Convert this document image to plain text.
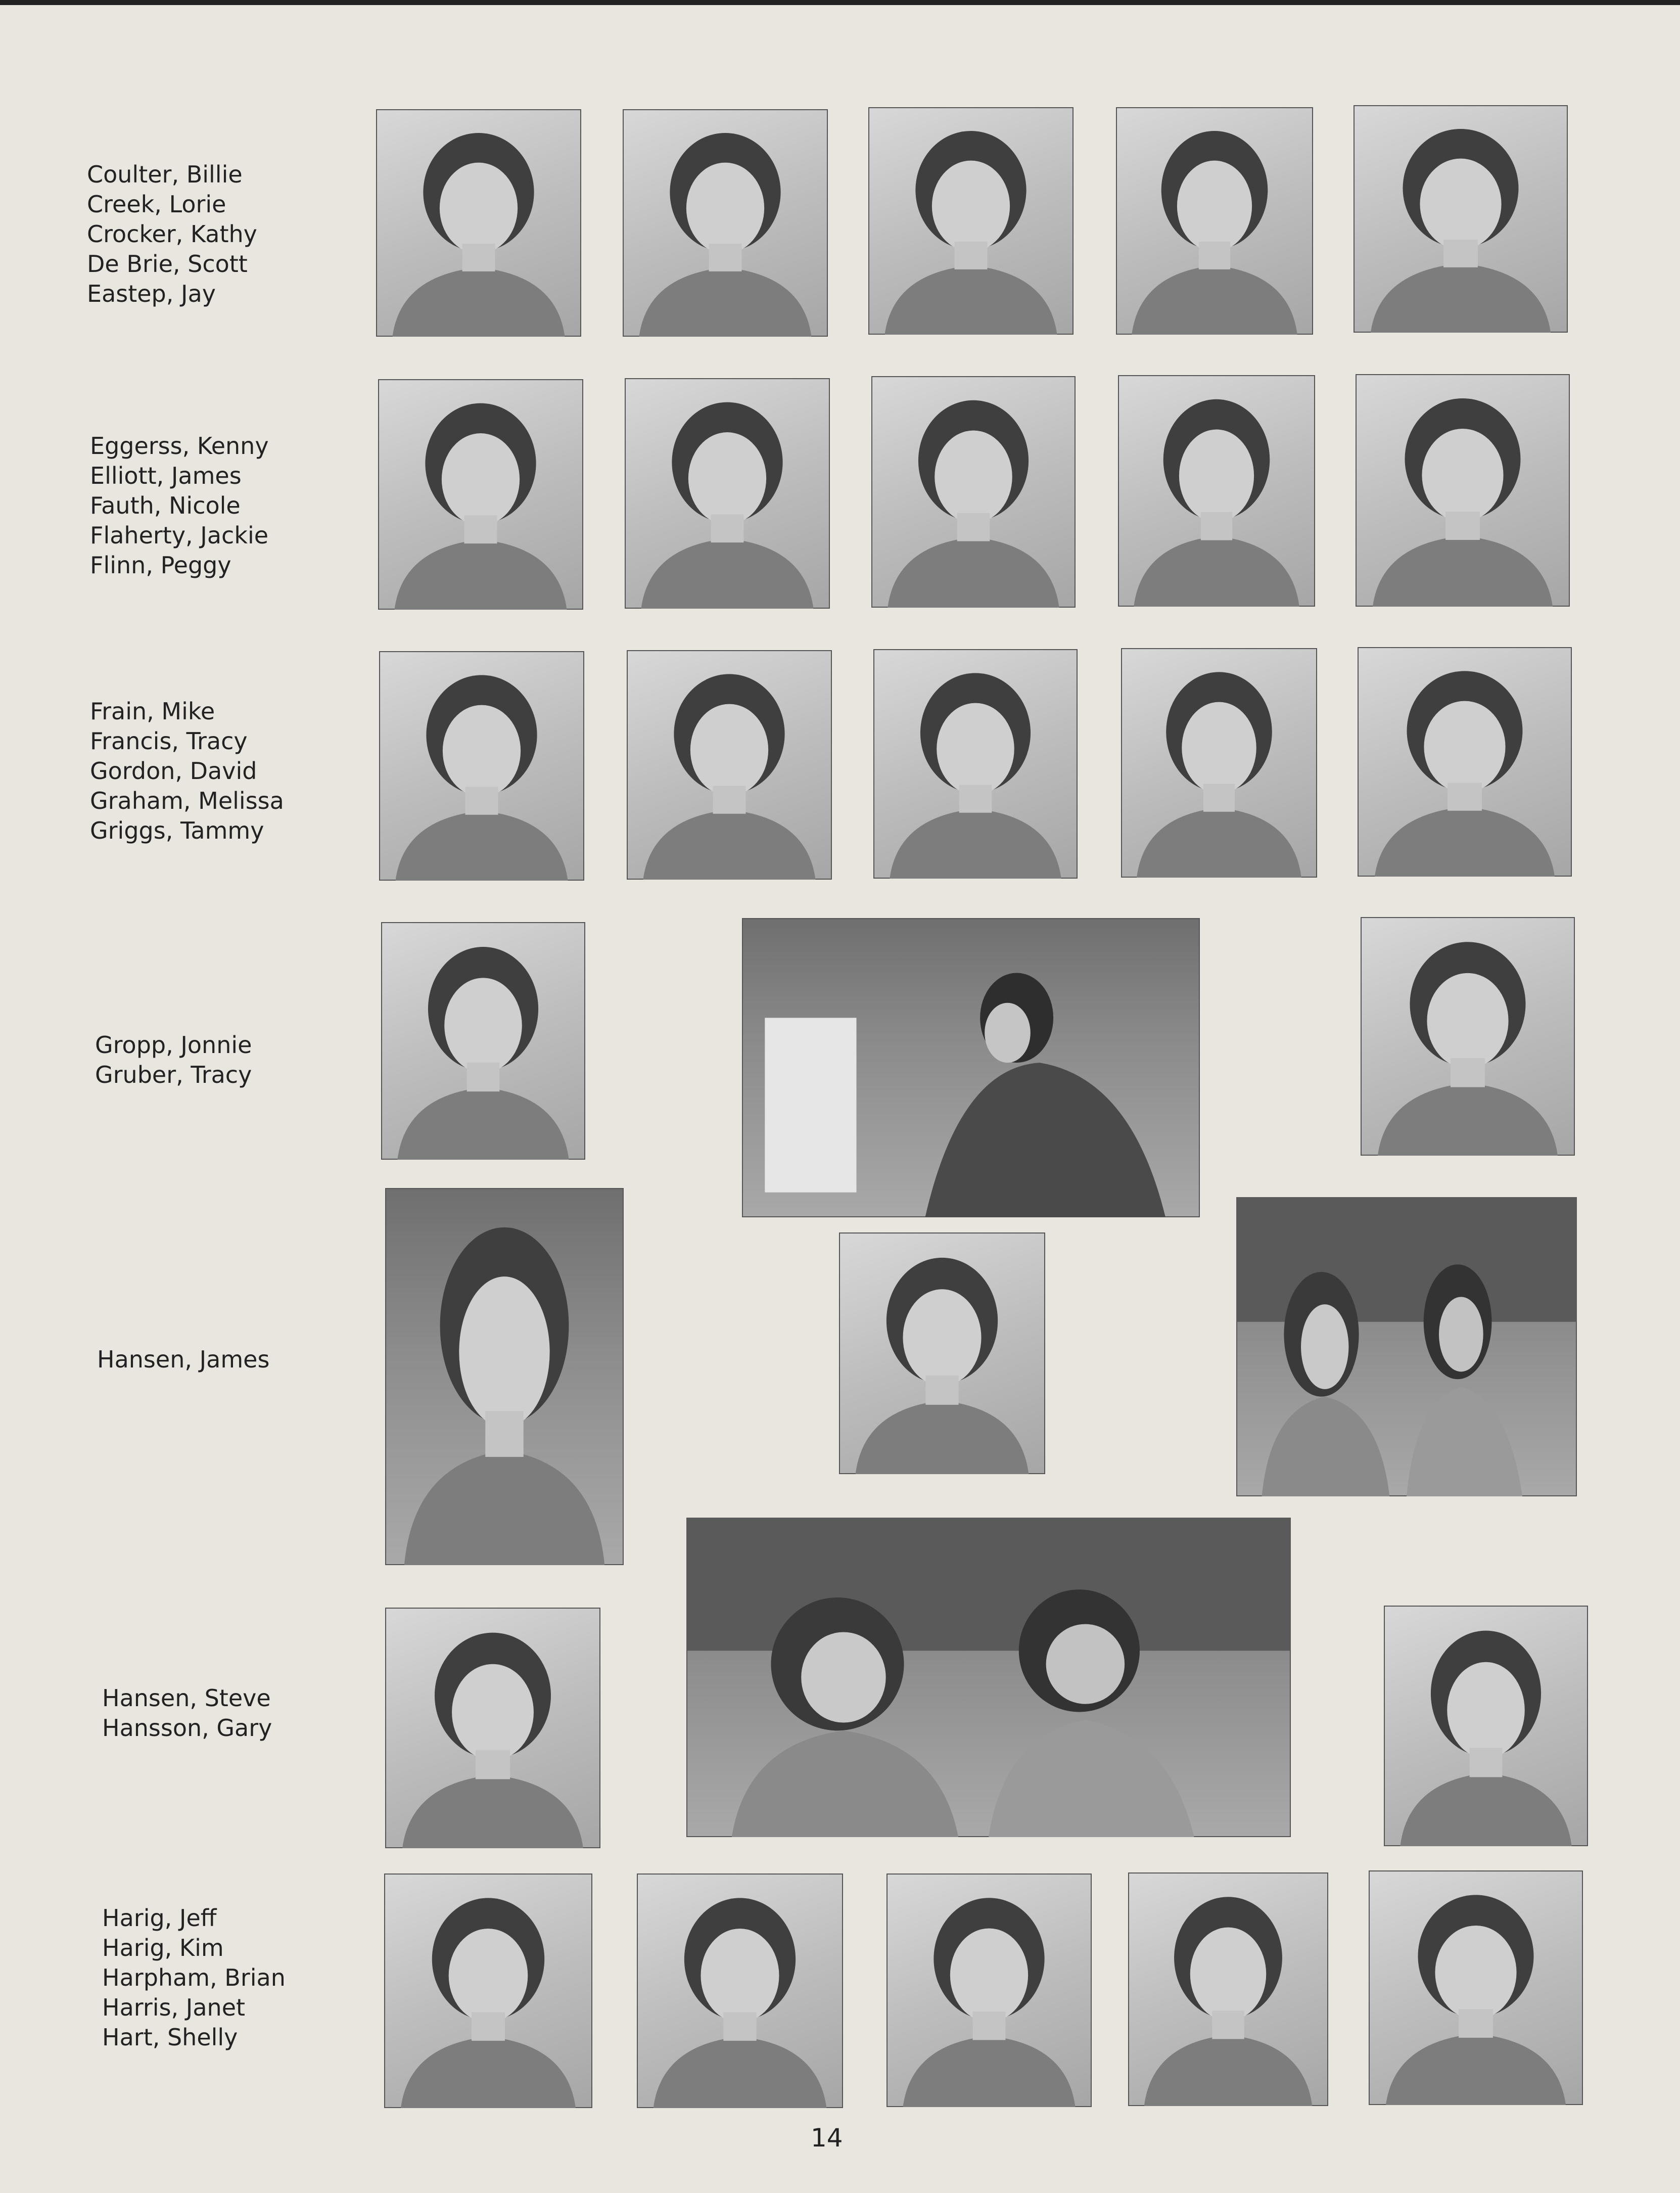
Coulter, Billie
Creek, Lorie
Crocker, Kathy
De Brie, Scott
Eastep, Jay
Eggerss, Kenny
Elliott, James
Fauth, Nicole
Flaherty, Jackie
Flinn, Peggy
Frain, Mike
Francis, Tracy
Gordon, David
Graham, Melissa
Griggs, Tammy
Gropp, Jonnie
Gruber, Tracy
Hansen, James
Hansen, Steve
Hansson, Gary
Harig, Jeff
Harig, Kim
Harpham, Brian
Harris, Janet
Hart, Shelly
14
